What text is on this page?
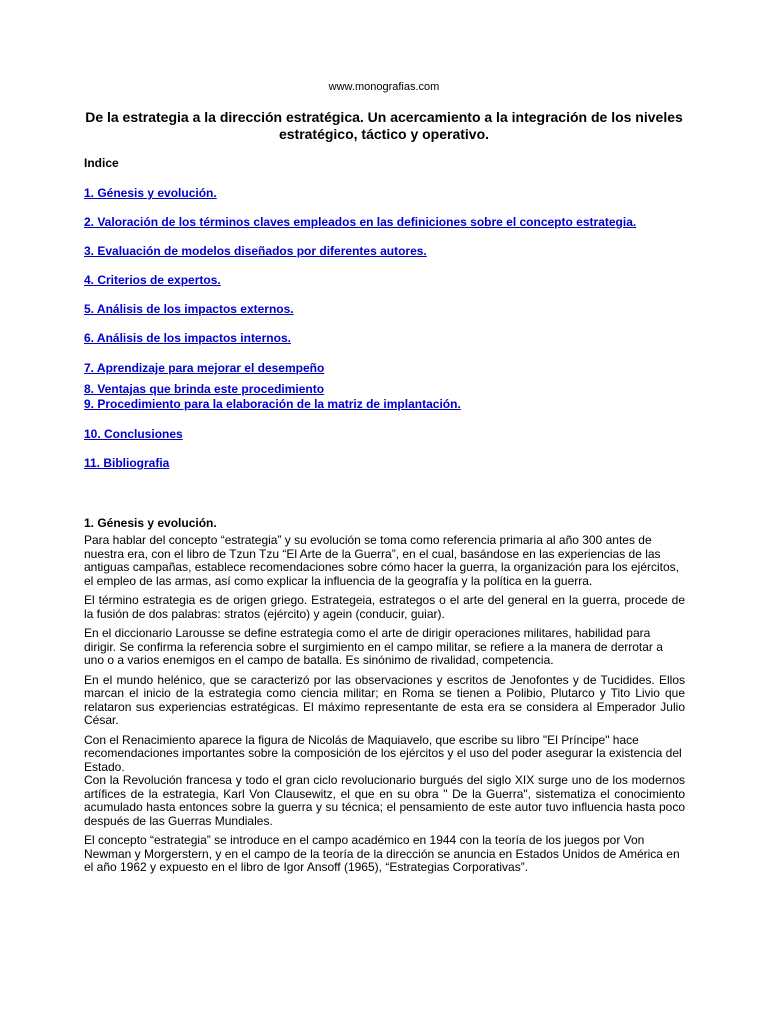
www.monografias.com
De la estrategia a la dirección estratégica. Un acercamiento a la integración de los niveles estratégico, táctico y operativo.
Indice
1. Génesis y evolución.
2. Valoración de los términos claves empleados en las definiciones sobre el concepto estrategia.
3. Evaluación de modelos diseñados por diferentes autores.
4. Criterios de expertos.
5. Análisis de los impactos externos.
6. Análisis de los impactos internos.
7. Aprendizaje para mejorar el desempeño
8. Ventajas que brinda este procedimiento
9. Procedimiento para la elaboración de la matriz de implantación.
10. Conclusiones
11. Bibliografia
1. Génesis y evolución.

Para hablar del concepto “estrategia” y su evolución se toma como referencia primaria al año 300 antes de nuestra era, con el libro de Tzun Tzu “El Arte de la Guerra”, en el cual, basándose en las experiencias de las antiguas campañas, establece recomendaciones sobre cómo hacer la guerra, la organización para los ejércitos, el empleo de las armas, así como explicar la influencia de la geografía y la política en la guerra.

El término estrategia es de origen griego. Estrategeia, estrategos o el arte del general en la guerra, procede de la fusión de dos palabras: stratos (ejército) y agein (conducir, guiar).

En el diccionario Larousse se define estrategia como el arte de dirigir operaciones militares, habilidad para dirigir. Se confirma la referencia sobre el surgimiento en el campo militar, se refiere a la manera de derrotar a uno o a varios enemigos en el campo de batalla. Es sinónimo de rivalidad, competencia.

En el mundo helénico, que se caracterizó por las observaciones y escritos de Jenofontes y de Tucidides. Ellos marcan el inicio de la estrategia como ciencia militar; en Roma se tienen a Polibio, Plutarco y Tito Livio que relataron sus experiencias estratégicas. El máximo representante de esta era se considera al Emperador Julio César.

Con el Renacimiento aparece la figura de Nicolás de Maquiavelo, que escribe su libro "El Príncipe" hace recomendaciones importantes sobre la composición de los ejércitos y el uso del poder asegurar la existencia del Estado.

Con la Revolución francesa y todo el gran ciclo revolucionario burgués del siglo XIX surge uno de los modernos artífices de la estrategia, Karl Von Clausewitz, el que en su obra " De la Guerra", sistematiza el conocimiento acumulado hasta entonces sobre la guerra y su técnica; el pensamiento de este autor tuvo influencia hasta poco después de las Guerras Mundiales.

El concepto “estrategia” se introduce en el campo académico en 1944 con la teoría de los juegos por Von Newman y Morgerstern, y en el campo de la teoría de la dirección se anuncia en Estados Unidos de América en el año 1962 y expuesto en el libro de Igor Ansoff (1965), “Estrategias Corporativas”.
